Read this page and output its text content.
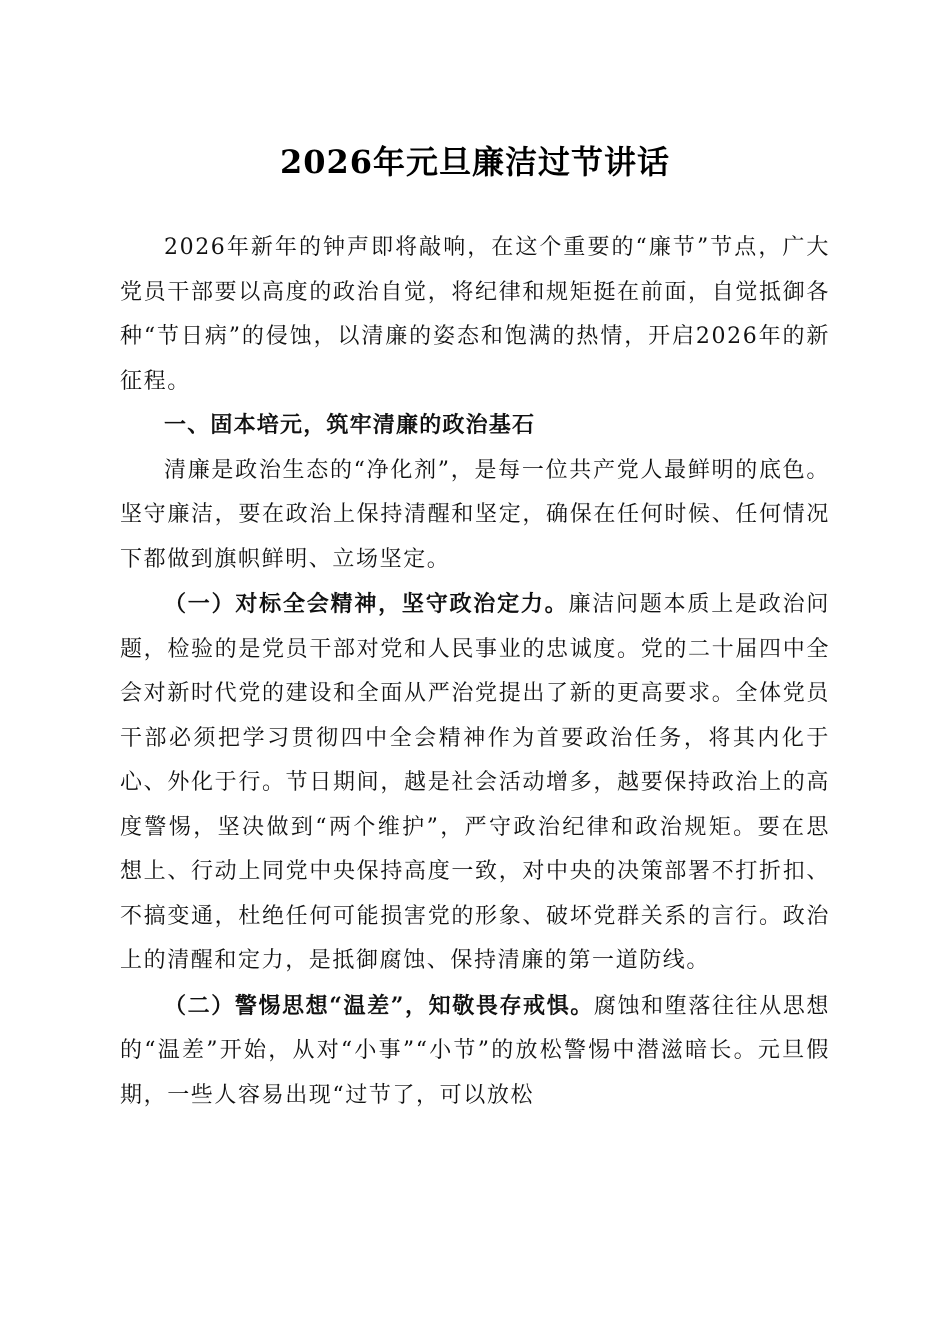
2026年元旦廉洁过节讲话

2026年新年的钟声即将敲响，在这个重要的“廉节”节点，广大党员干部要以高度的政治自觉，将纪律和规矩挺在前面，自觉抵御各种“节日病”的侵蚀，以清廉的姿态和饱满的热情，开启2026年的新征程。

一、固本培元，筑牢清廉的政治基石

清廉是政治生态的“净化剂”，是每一位共产党人最鲜明的底色。坚守廉洁，要在政治上保持清醒和坚定，确保在任何时候、任何情况下都做到旗帜鲜明、立场坚定。

（一）对标全会精神，坚守政治定力。廉洁问题本质上是政治问题，检验的是党员干部对党和人民事业的忠诚度。党的二十届四中全会对新时代党的建设和全面从严治党提出了新的更高要求。全体党员干部必须把学习贯彻四中全会精神作为首要政治任务，将其内化于心、外化于行。节日期间，越是社会活动增多，越要保持政治上的高度警惕，坚决做到“两个维护”，严守政治纪律和政治规矩。要在思想上、行动上同党中央保持高度一致，对中央的决策部署不打折扣、不搞变通，杜绝任何可能损害党的形象、破坏党群关系的言行。政治上的清醒和定力，是抵御腐蚀、保持清廉的第一道防线。

（二）警惕思想“温差”，知敬畏存戒惧。腐蚀和堕落往往从思想的“温差”开始，从对“小事”“小节”的放松警惕中潜滋暗长。元旦假期，一些人容易出现“过节了，可以放松
